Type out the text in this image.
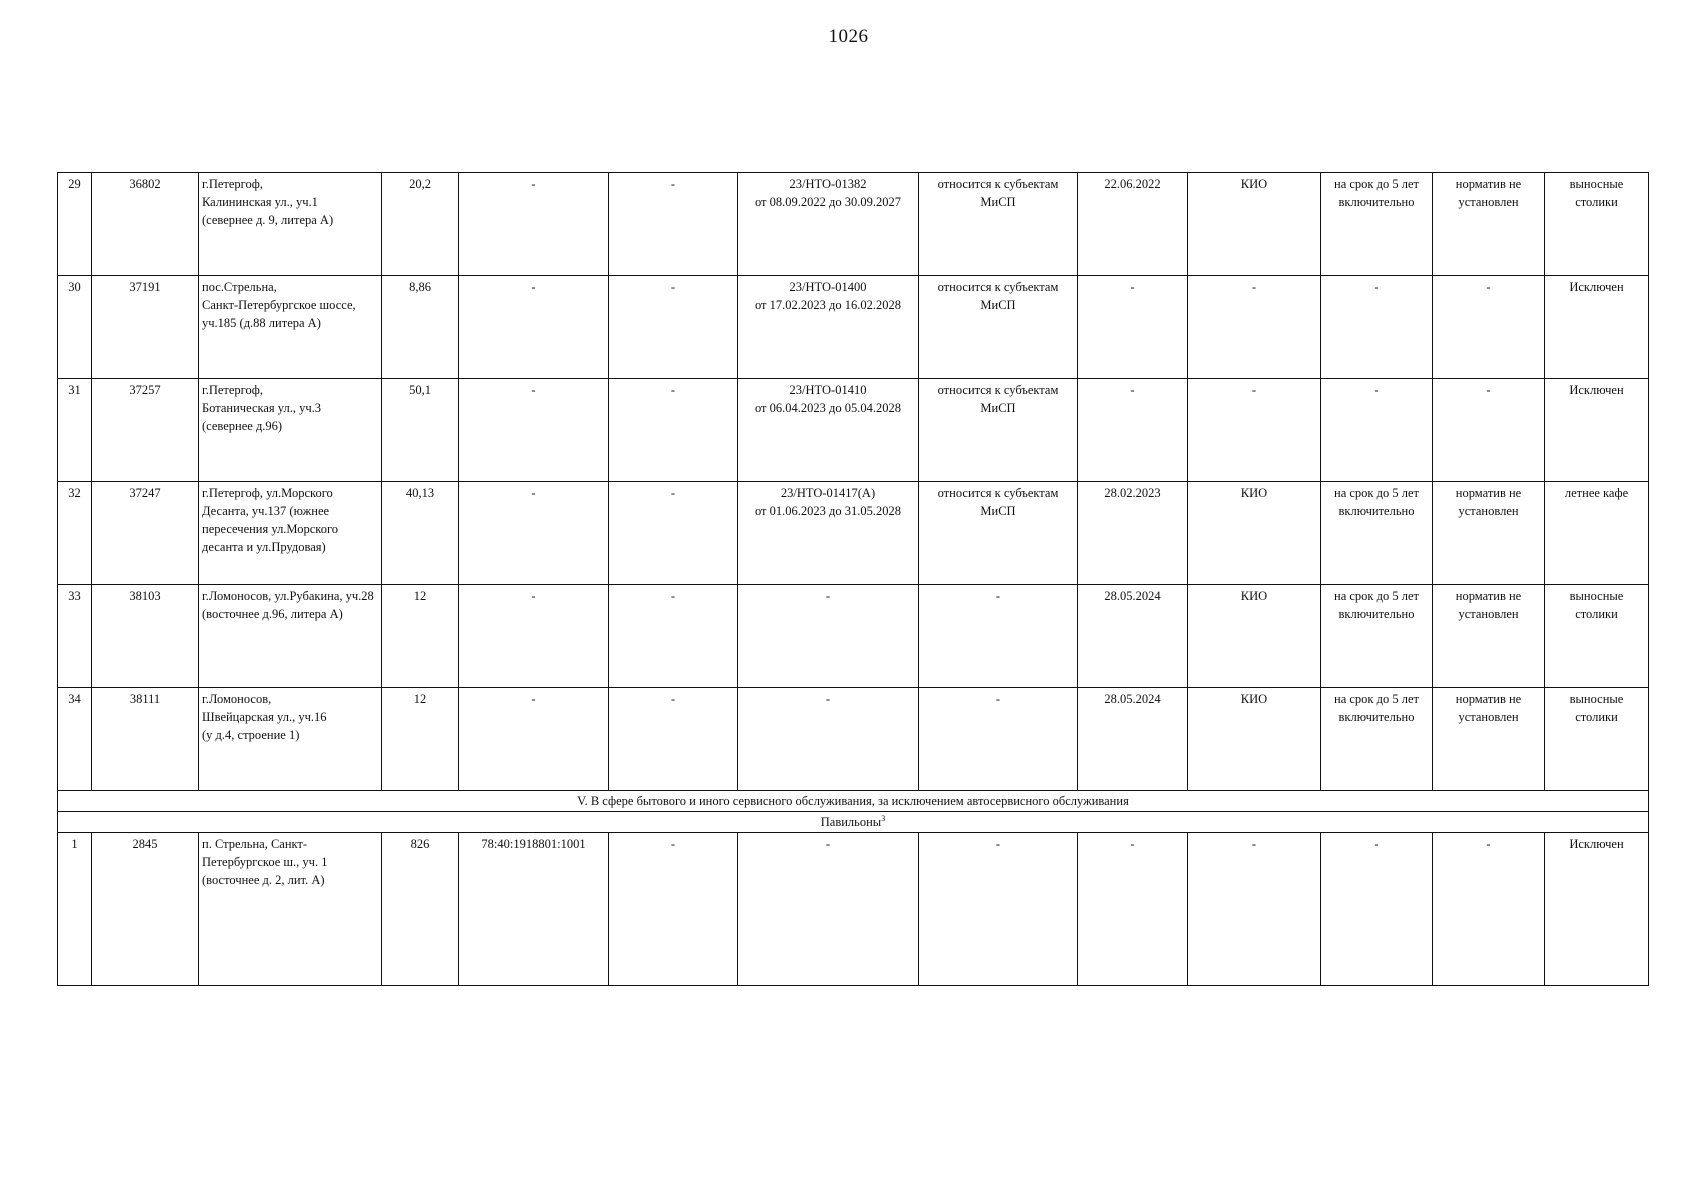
1026
29	36802	г.Петергоф,
Калининская ул., уч.1
(севернее д. 9, литера А)	20,2	-	-	23/НТО-01382
от 08.09.2022 до 30.09.2027	относится к субъектам МиСП	22.06.2022	КИО	на срок до 5 лет включительно	норматив не установлен	выносные столики
30	37191	пос.Стрельна,
Санкт-Петербургское шоссе, уч.185 (д.88 литера А)	8,86	-	-	23/НТО-01400
от 17.02.2023 до 16.02.2028	относится к субъектам МиСП	-	-	-	-	Исключен
31	37257	г.Петергоф,
Ботаническая ул., уч.3
(севернее д.96)	50,1	-	-	23/НТО-01410
от 06.04.2023 до 05.04.2028	относится к субъектам МиСП	-	-	-	-	Исключен
32	37247	г.Петергоф, ул.Морского Десанта, уч.137 (южнее пересечения ул.Морского десанта и ул.Прудовая)	40,13	-	-	23/НТО-01417(А)
от 01.06.2023 до 31.05.2028	относится к субъектам МиСП	28.02.2023	КИО	на срок до 5 лет включительно	норматив не установлен	летнее кафе
33	38103	г.Ломоносов, ул.Рубакина, уч.28 (восточнее д.96, литера А)	12	-	-	-	-	28.05.2024	КИО	на срок до 5 лет включительно	норматив не установлен	выносные столики
34	38111	г.Ломоносов,
Швейцарская ул., уч.16
(у д.4, строение 1)	12	-	-	-	-	28.05.2024	КИО	на срок до 5 лет включительно	норматив не установлен	выносные столики
V. В сфере бытового и иного сервисного обслуживания, за исключением автосервисного обслуживания												
Павильоны$^3$
1	2845	п. Стрельна, Санкт-Петербургское ш., уч. 1
(восточнее д. 2, лит. А)	826	78:40:1918801:1001	-	-	-	-	-	-	-	Исключен
